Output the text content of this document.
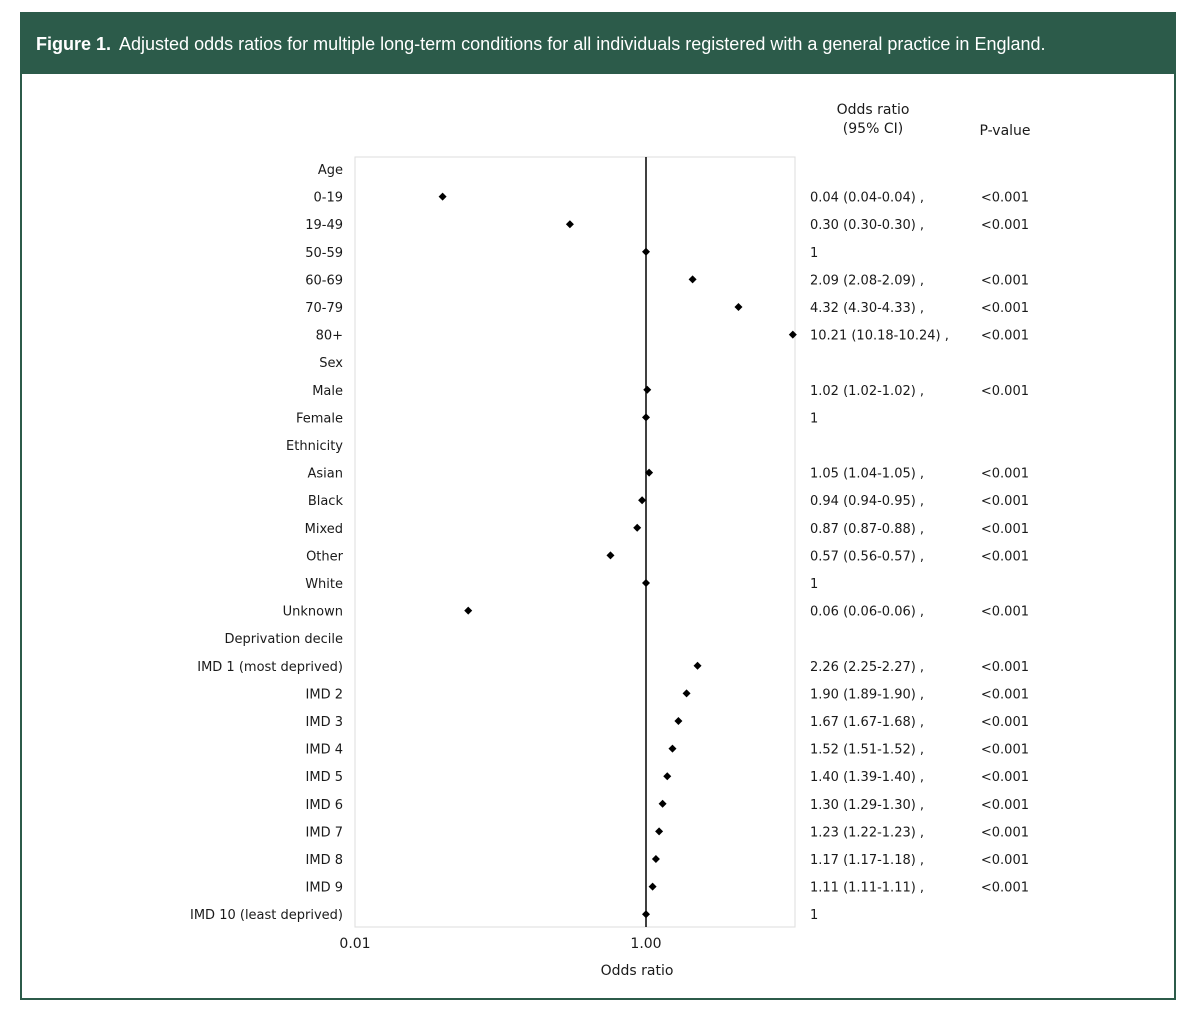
Figure 1. Adjusted odds ratios for multiple long-term conditions for all individuals registered with a general practice in England.
Age
0-19	0.04 (0.04-0.04) ,	<0.001
19-49	0.30 (0.30-0.30) ,	<0.001
50-59	1
60-69	2.09 (2.08-2.09) ,	<0.001
70-79	4.32 (4.30-4.33) ,	<0.001
80+	10.21 (10.18-10.24) , <0.001
Sex
Male	1.02 (1.02-1.02) ,	<0.001
Female	1
Ethnicity
Asian	1.05 (1.04-1.05) ,	<0.001
Black	0.94 (0.94-0.95) ,	<0.001
Mixed	0.87 (0.87-0.88) ,	<0.001
Other	0.57 (0.56-0.57) ,	<0.001
White	1
Unknown	0.06 (0.06-0.06) ,	<0.001
Deprivation decile
IMD 1 (most deprived)	2.26 (2.25-2.27) ,	<0.001
IMD 2	1.90 (1.89-1.90) ,	<0.001
IMD 3	1.67 (1.67-1.68) ,	<0.001
IMD 4	1.52 (1.51-1.52) ,	<0.001
IMD 5	1.40 (1.39-1.40) ,	<0.001
IMD 6	1.30 (1.29-1.30) ,	<0.001
IMD 7	1.23 (1.22-1.23) ,	<0.001
IMD 8	1.17 (1.17-1.18) ,	<0.001
IMD 9	1.11 (1.11-1.11) ,	<0.001
IMD 10 (least deprived)	1
Odds ratio
(95% CI)	P-value
0.01	1.00
Odds ratio
